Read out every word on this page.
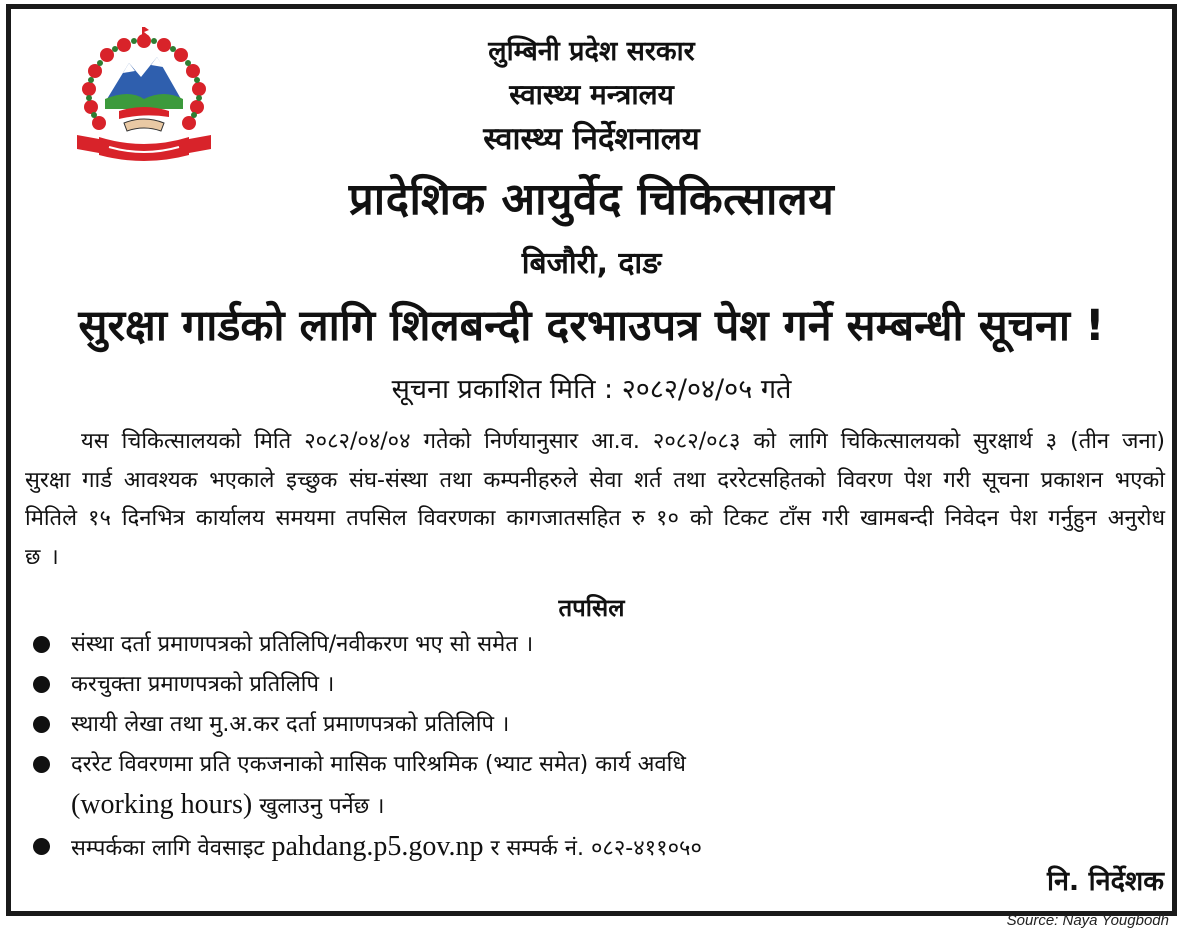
लुम्बिनी प्रदेश सरकार
स्वास्थ्य मन्त्रालय
स्वास्थ्य निर्देशनालय
प्रादेशिक आयुर्वेद चिकित्सालय
बिजौरी, दाङ
सुरक्षा गार्डको लागि शिलबन्दी दरभाउपत्र पेश गर्ने सम्बन्धी सूचना !
सूचना प्रकाशित मिति : २०८२/०४/०५ गते
यस चिकित्सालयको मिति २०८२/०४/०४ गतेको निर्णयानुसार आ.व. २०८२/०८३ को लागि चिकित्सालयको सुरक्षार्थ ३ (तीन जना) सुरक्षा गार्ड आवश्यक भएकाले इच्छुक संघ-संस्था तथा कम्पनीहरुले सेवा शर्त तथा दररेटसहितको विवरण पेश गरी सूचना प्रकाशन भएको मितिले १५ दिनभित्र कार्यालय समयमा तपसिल विवरणका कागजातसहित रु १० को टिकट टाँस गरी खामबन्दी निवेदन पेश गर्नुहुन अनुरोध छ ।
तपसिल
संस्था दर्ता प्रमाणपत्रको प्रतिलिपि/नवीकरण भए सो समेत ।
करचुक्ता प्रमाणपत्रको प्रतिलिपि ।
स्थायी लेखा तथा मु.अ.कर दर्ता प्रमाणपत्रको प्रतिलिपि ।
दररेट विवरणमा प्रति एकजनाको मासिक पारिश्रमिक (भ्याट समेत) कार्य अवधि
(working hours) खुलाउनु पर्नेछ ।
सम्पर्कका लागि वेवसाइट pahdang.p5.gov.np र सम्पर्क नं. ०८२-४११०५०
नि. निर्देशक
Source: Naya Yougbodh
